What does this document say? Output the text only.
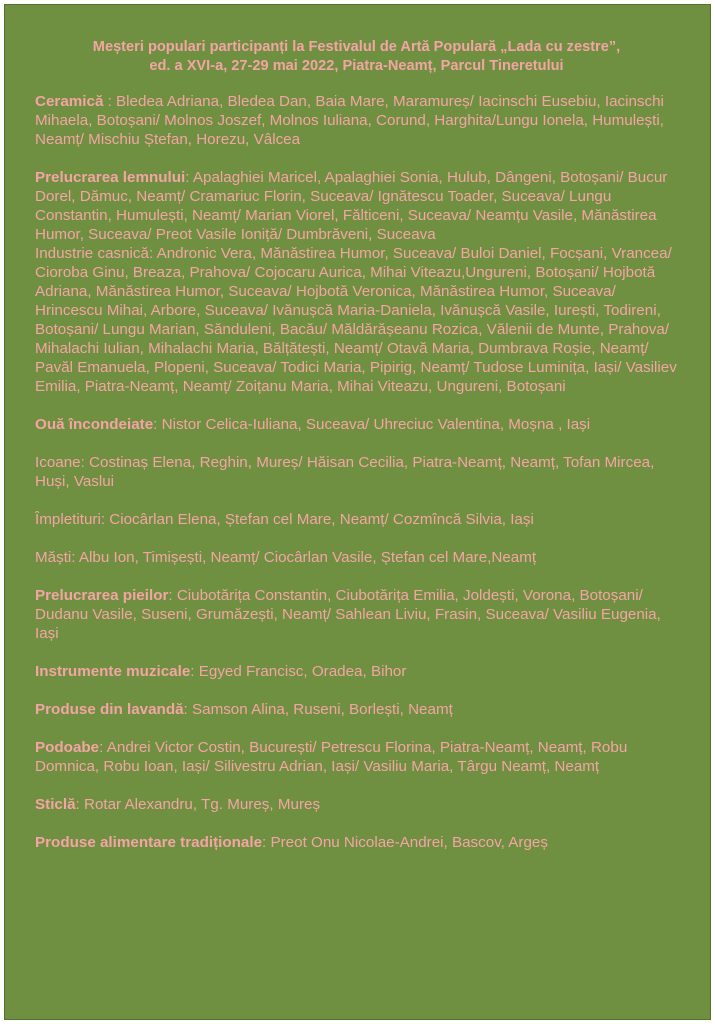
Meșteri populari participanți la Festivalul de Artă Populară „Lada cu zestre”,
ed. a XVI-a, 27-29 mai 2022, Piatra-Neamț, Parcul Tineretului
Ceramică : Bledea Adriana, Bledea Dan, Baia Mare, Maramureș/ Iacinschi Eusebiu, Iacinschi Mihaela, Botoșani/ Molnos Joszef, Molnos Iuliana, Corund, Harghita/Lungu Ionela, Humulești, Neamț/ Mischiu Ștefan, Horezu, Vâlcea
Prelucrarea lemnului: Apalaghiei Maricel, Apalaghiei Sonia, Hulub, Dângeni, Botoșani/ Bucur Dorel, Dămuc, Neamț/ Cramariuc Florin, Suceava/ Ignătescu Toader, Suceava/ Lungu Constantin, Humulești, Neamț/ Marian Viorel, Fălticeni, Suceava/ Neamțu Vasile, Mănăstirea Humor, Suceava/ Preot Vasile Ioniță/ Dumbrăveni, Suceava
Industrie casnică: Andronic Vera, Mănăstirea Humor, Suceava/ Buloi Daniel, Focșani, Vrancea/ Cioroba Ginu, Breaza, Prahova/ Cojocaru Aurica, Mihai Viteazu,Ungureni, Botoșani/ Hojbotă Adriana, Mănăstirea Humor, Suceava/ Hojbotă Veronica, Mănăstirea Humor, Suceava/ Hrincescu Mihai, Arbore, Suceava/ Ivănușcă Maria-Daniela, Ivănușcă Vasile, Iurești, Todireni, Botoșani/ Lungu Marian, Sănduleni, Bacău/ Măldărășeanu Rozica, Vălenii de Munte, Prahova/ Mihalachi Iulian, Mihalachi Maria, Bălțătești, Neamț/ Otavă Maria, Dumbrava Roșie, Neamț/ Pavăl Emanuela, Plopeni, Suceava/ Todici Maria, Pipirig, Neamț/ Tudose Luminița, Iași/ Vasiliev Emilia, Piatra-Neamț, Neamț/ Zoițanu Maria, Mihai Viteazu, Ungureni, Botoșani
Ouă încondeiate: Nistor Celica-Iuliana, Suceava/ Uhreciuc Valentina, Moșna , Iași
Icoane: Costinaș Elena, Reghin, Mureș/ Hăisan Cecilia, Piatra-Neamț, Neamț, Tofan Mircea, Huși, Vaslui
Împletituri: Ciocârlan Elena, Ștefan cel Mare, Neamț/ Cozmîncă Silvia, Iași
Măști: Albu Ion, Timișești, Neamț/ Ciocârlan Vasile, Ștefan cel Mare,Neamț
Prelucrarea pieilor: Ciubotărița Constantin, Ciubotărița Emilia, Joldești, Vorona, Botoșani/ Dudanu Vasile, Suseni, Grumăzești, Neamț/ Sahlean Liviu, Frasin, Suceava/ Vasiliu Eugenia, Iași
Instrumente muzicale: Egyed Francisc, Oradea, Bihor
Produse din lavandă: Samson Alina, Ruseni, Borlești, Neamț
Podoabe: Andrei Victor Costin, București/ Petrescu Florina, Piatra-Neamț, Neamț, Robu Domnica, Robu Ioan, Iași/ Silivestru Adrian, Iași/ Vasiliu Maria, Târgu Neamț, Neamț
Sticlă: Rotar Alexandru, Tg. Mureș, Mureș
Produse alimentare tradiționale: Preot Onu Nicolae-Andrei, Bascov, Argeș
